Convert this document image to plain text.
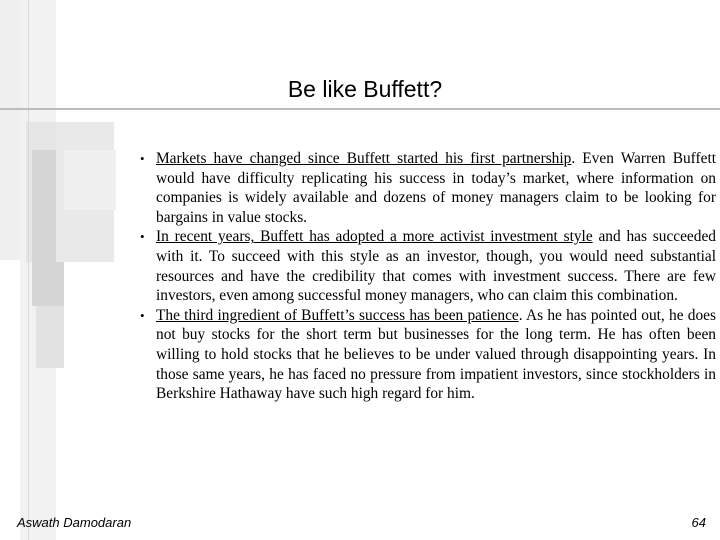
Be like Buffett?
• Markets have changed since Buffett started his first partnership. Even Warren Buffett would have difficulty replicating his success in today’s market, where information on companies is widely available and dozens of money managers claim to be looking for bargains in value stocks.
• In recent years, Buffett has adopted a more activist investment style and has succeeded with it. To succeed with this style as an investor, though, you would need substantial resources and have the credibility that comes with investment success. There are few investors, even among successful money managers, who can claim this combination.
• The third ingredient of Buffett’s success has been patience. As he has pointed out, he does not buy stocks for the short term but businesses for the long term. He has often been willing to hold stocks that he believes to be under valued through disappointing years. In those same years, he has faced no pressure from impatient investors, since stockholders in Berkshire Hathaway have such high regard for him.
Aswath Damodaran	64
